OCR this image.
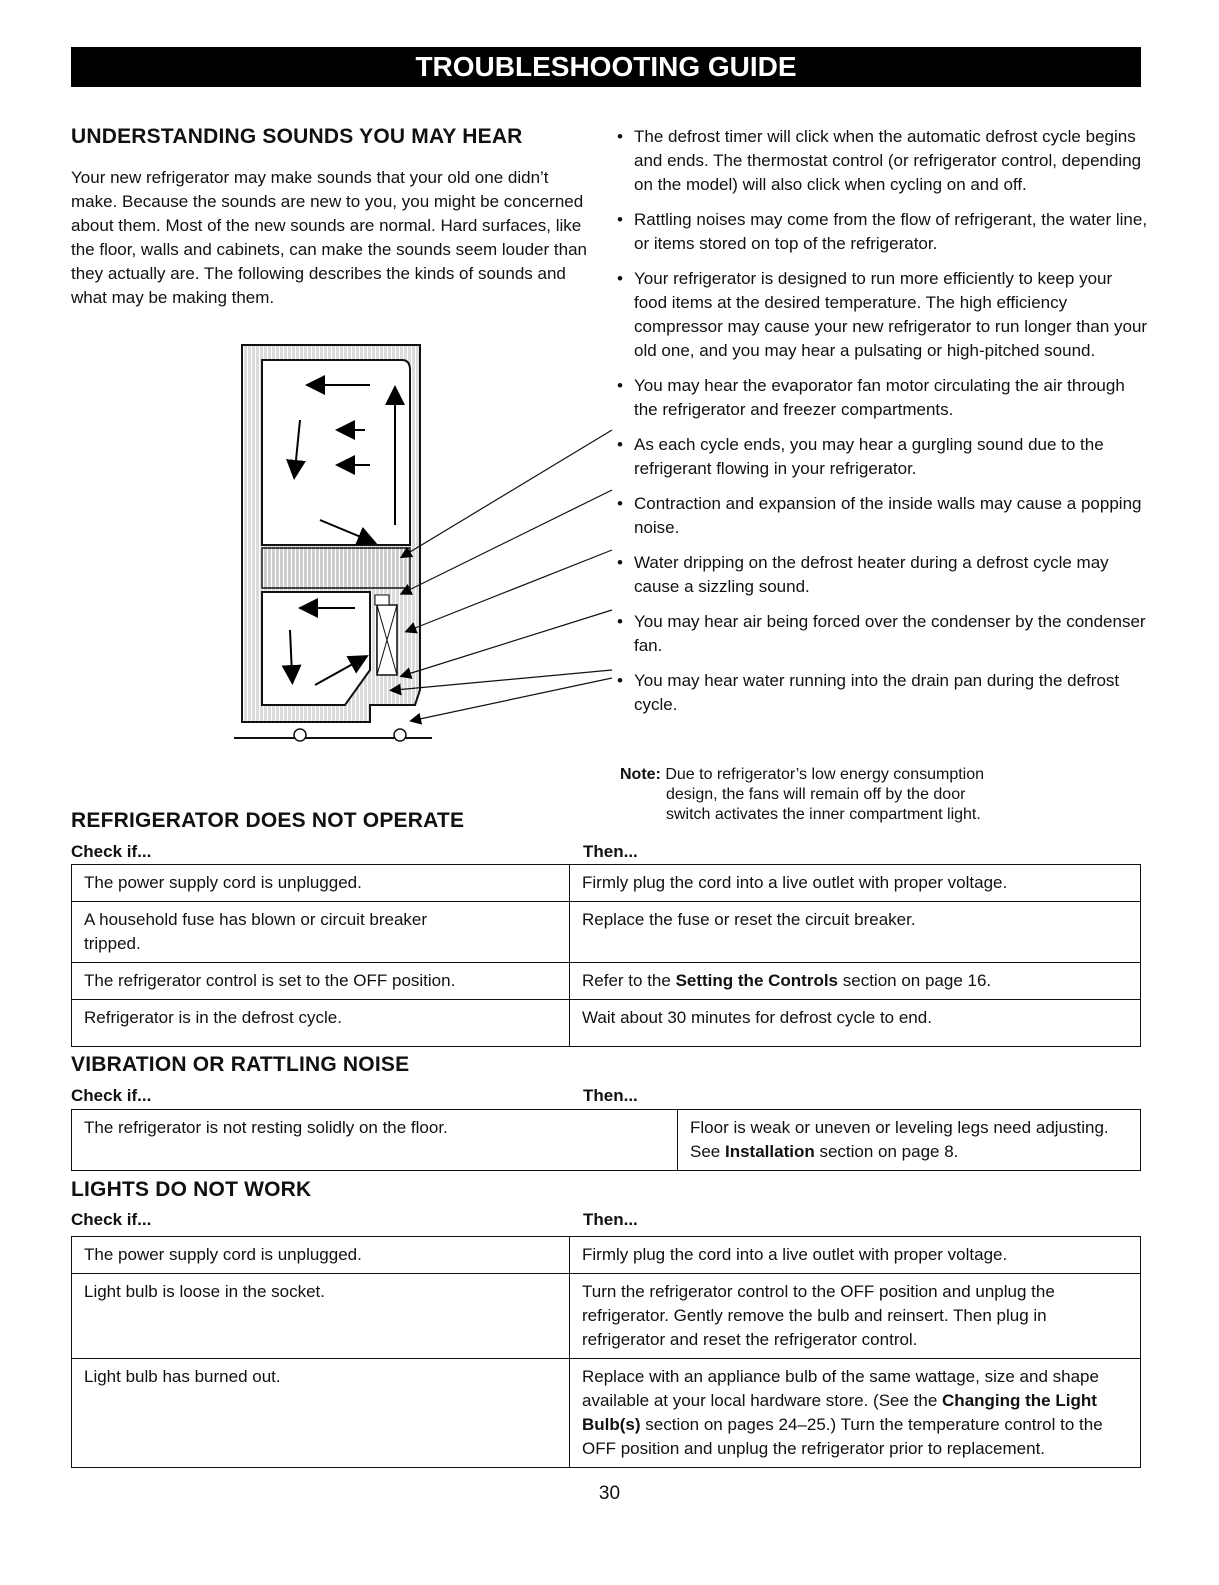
TROUBLESHOOTING GUIDE
UNDERSTANDING SOUNDS YOU MAY HEAR
Your new refrigerator may make sounds that your old one didn’t make. Because the sounds are new to you, you might be concerned about them. Most of the new sounds are normal. Hard surfaces, like the floor, walls and cabinets, can make the sounds seem louder than they actually are. The following describes the kinds of sounds and what may be making them.
• The defrost timer will click when the automatic defrost cycle begins and ends. The thermostat control (or refrigerator control, depending on the model) will also click when cycling on and off.
• Rattling noises may come from the flow of refrigerant, the water line, or items stored on top of the refrigerator.
• Your refrigerator is designed to run more efficiently to keep your food items at the desired temperature. The high efficiency compressor may cause your new refrigerator to run longer than your old one, and you may hear a pulsating or high-pitched sound.
• You may hear the evaporator fan motor circulating the air through the refrigerator and freezer compartments.
• As each cycle ends, you may hear a gurgling sound due to the refrigerant flowing in your refrigerator.
• Contraction and expansion of the inside walls may cause a popping noise.
• Water dripping on the defrost heater during a defrost cycle may cause a sizzling sound.
• You may hear air being forced over the condenser by the condenser fan.
• You may hear water running into the drain pan during the defrost cycle.
Note: Due to refrigerator’s low energy consumption
design, the fans will remain off by the door
switch activates the inner compartment light.
REFRIGERATOR DOES NOT OPERATE
Check if...	Then...
The power supply cord is unplugged.	Firmly plug the cord into a live outlet with proper voltage.
A household fuse has blown or circuit breaker tripped.	Replace the fuse or reset the circuit breaker.
The refrigerator control is set to the OFF position.	Refer to the Setting the Controls section on page 16.
Refrigerator is in the defrost cycle.	Wait about 30 minutes for defrost cycle to end.
VIBRATION OR RATTLING NOISE
Check if...	Then...
The refrigerator is not resting solidly on the floor.	Floor is weak or uneven or leveling legs need adjusting.
See Installation section on page 8.
LIGHTS DO NOT WORK
Check if...	Then...
The power supply cord is unplugged.	Firmly plug the cord into a live outlet with proper voltage.
Light bulb is loose in the socket.	Turn the refrigerator control to the OFF position and unplug the refrigerator. Gently remove the bulb and reinsert. Then plug in refrigerator and reset the refrigerator control.
Light bulb has burned out.	Replace with an appliance bulb of the same wattage, size and shape available at your local hardware store. (See the Changing the Light Bulb(s) section on pages 24–25.) Turn the temperature control to the OFF position and unplug the refrigerator prior to replacement.
30
